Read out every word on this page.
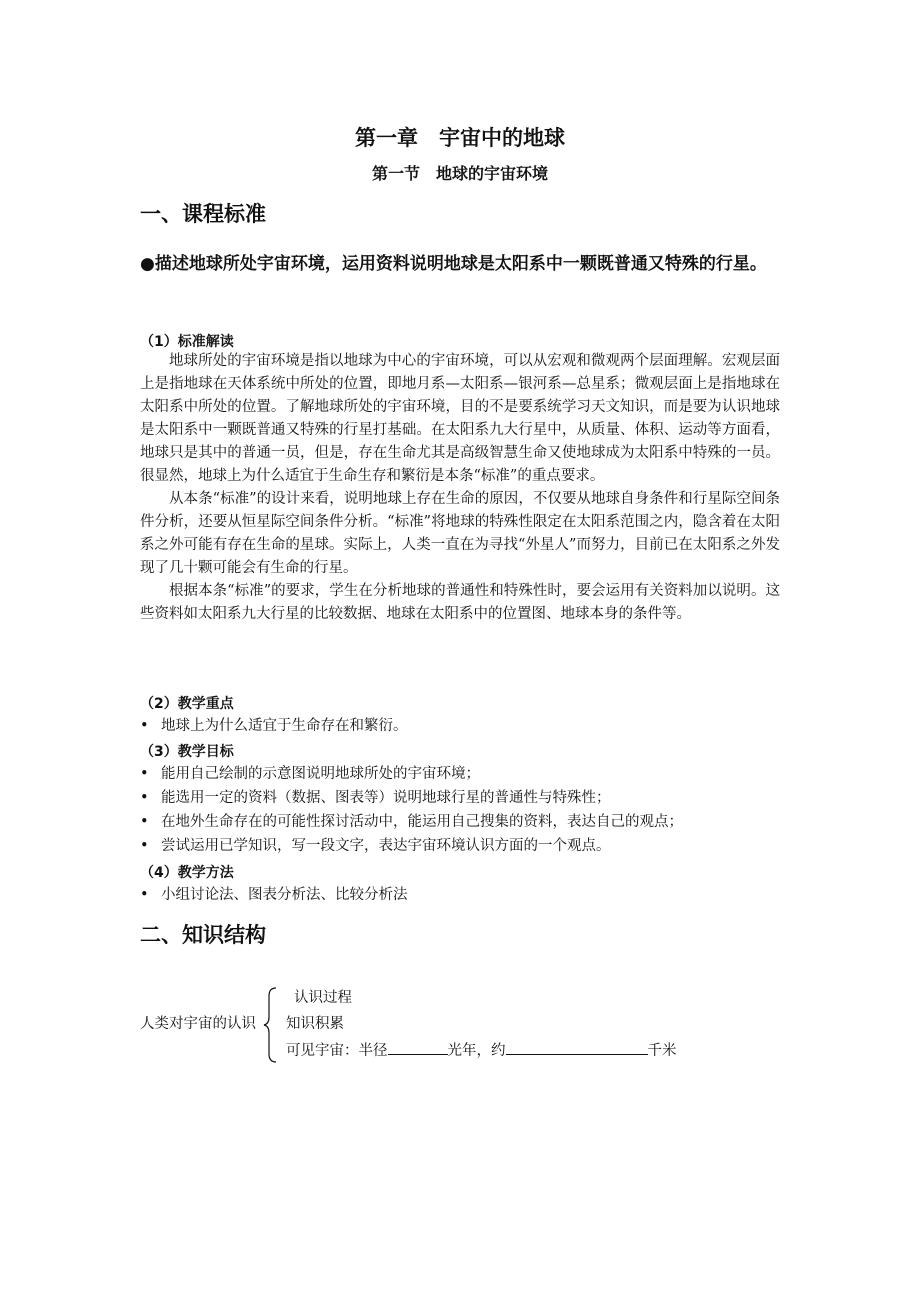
第一章　宇宙中的地球
第一节　地球的宇宙环境
一、课程标准
●描述地球所处宇宙环境，运用资料说明地球是太阳系中一颗既普通又特殊的行星。
（1）标准解读

地球所处的宇宙环境是指以地球为中心的宇宙环境，可以从宏观和微观两个层面理解。宏观层面上是指地球在天体系统中所处的位置，即地月系—太阳系—银河系—总星系；微观层面上是指地球在太阳系中所处的位置。了解地球所处的宇宙环境，目的不是要系统学习天文知识，而是要为认识地球是太阳系中一颗既普通又特殊的行星打基础。在太阳系九大行星中，从质量、体积、运动等方面看，地球只是其中的普通一员，但是，存在生命尤其是高级智慧生命又使地球成为太阳系中特殊的一员。很显然，地球上为什么适宜于生命生存和繁衍是本条“标准”的重点要求。

从本条“标准”的设计来看，说明地球上存在生命的原因，不仅要从地球自身条件和行星际空间条件分析，还要从恒星际空间条件分析。“标准”将地球的特殊性限定在太阳系范围之内，隐含着在太阳系之外可能有存在生命的星球。实际上，人类一直在为寻找“外星人”而努力，目前已在太阳系之外发现了几十颗可能会有生命的行星。

根据本条“标准”的要求，学生在分析地球的普通性和特殊性时，要会运用有关资料加以说明。这些资料如太阳系九大行星的比较数据、地球在太阳系中的位置图、地球本身的条件等。

（2）教学重点
• 地球上为什么适宜于生命存在和繁衍。
（3）教学目标
• 能用自己绘制的示意图说明地球所处的宇宙环境；
• 能选用一定的资料（数据、图表等）说明地球行星的普通性与特殊性；
• 在地外生命存在的可能性探讨活动中，能运用自己搜集的资料，表达自己的观点；
• 尝试运用已学知识，写一段文字，表达宇宙环境认识方面的一个观点。
（4）教学方法
• 小组讨论法、图表分析法、比较分析法
二、知识结构
人类对宇宙的认识
认识过程
知识积累
可见宇宙：半径	光年，约	千米
